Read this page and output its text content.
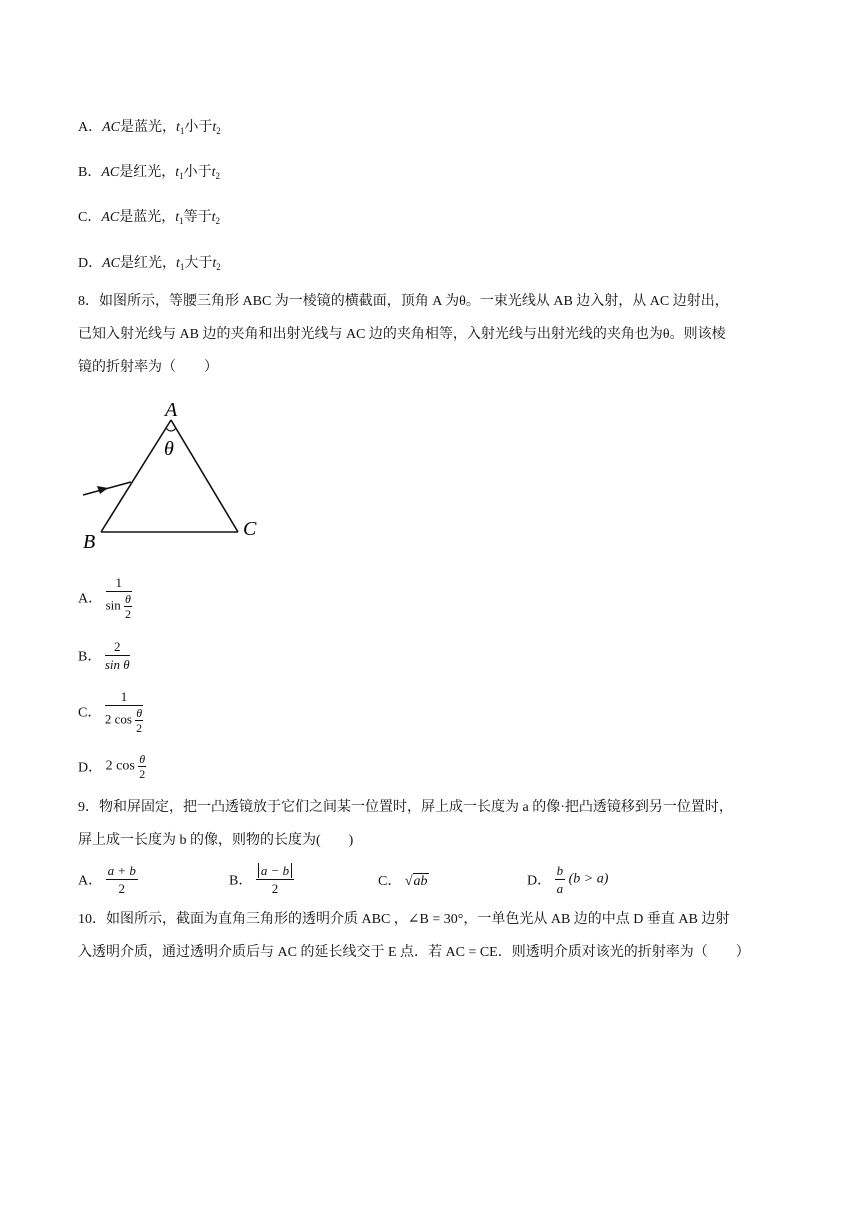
A．AC是蓝光，$t_1$小于$t_2$
B．AC是红光，$t_1$小于$t_2$
C．AC是蓝光，$t_1$等于$t_2$
D．AC是红光，$t_1$大于$t_2$
8．如图所示，等腰三角形 ABC 为一棱镜的横截面，顶角 A 为θ。一束光线从 AB 边入射，从 AC 边射出，
已知入射光线与 AB 边的夹角和出射光线与 AC 边的夹角相等，入射光线与出射光线的夹角也为θ。则该棱
镜的折射率为（　　）
A
θ
B
C
A． $\frac{1}{\sin \frac{\theta}{2}}$
B． $\frac{2}{\text{sin θ}}$
C． $\frac{1}{2 \cos \frac{\theta}{2}}$
D． 2 $\cos \frac{\theta}{2}$
9．物和屏固定，把一凸透镜放于它们之间某一位置时，屏上成一长度为 a 的像·把凸透镜移到另一位置时，
屏上成一长度为 b 的像，则物的长度为(　　)
A． $\frac{a + b}{2}$	B． $\frac{a - b}{2}$	C． √ab	D． $\frac{b}{a} (b > a)$
10．如图所示，截面为直角三角形的透明介质 ABC ，∠B = 30°，一单色光从 AB 边的中点 D 垂直 AB 边射
入透明介质，通过透明介质后与 AC 的延长线交于 E 点．若 AC = CE．则透明介质对该光的折射率为（　　）
